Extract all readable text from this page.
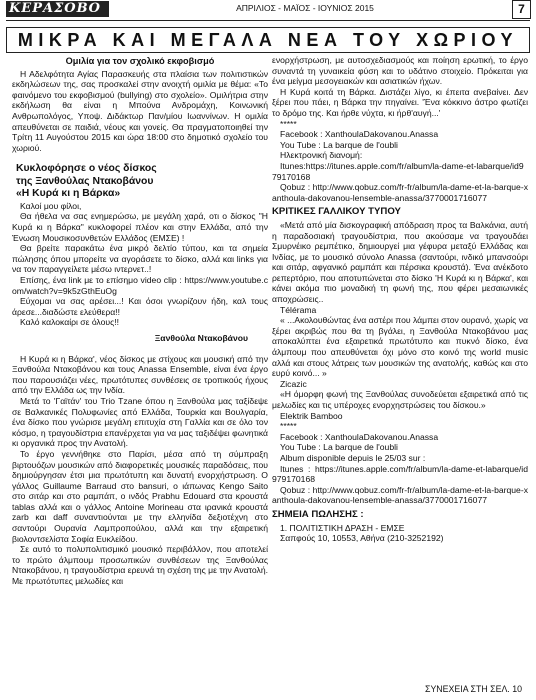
ΚΕΡΑΣΟΒΟ	ΑΠΡΙΛΙΟΣ - ΜΑΪΟΣ - ΙΟΥΝΙΟΣ 2015	7
ΜΙΚΡΑ ΚΑΙ ΜΕΓΑΛΑ ΝΕΑ ΤΟΥ ΧΩΡΙΟΥ

Ομιλία για τον σχολικό εκφοβισμό

Η Αδελφότητα Αγίας Παρασκευής στα πλαίσια των πολιτιστικών εκδηλώσεων της, σας προσκαλεί στην ανοιχτή ομιλία με θέμα: «Το φαινόμενο του εκφοβισμού (bullying) στο σχολείο». Ομιλήτρια στην εκδήλωση θα είναι η Μπούνα Ανδρομάχη, Κοινωνική Ανθρωπολόγος, Υποψ. Διδάκτωρ Παν/μίου Ιωαννίνων. Η ομιλία απευθύνεται σε παιδιά, νέους και γονείς. Θα πραγματοποιηθεί την Τρίτη 11 Αυγούστου 2015 και ώρα 18:00 στο δημοτικό σχολείο του χωριού.

Κυκλοφόρησε ο νέος δίσκος

της Ξανθούλας Ντακοβάνου

«Η Κυρά κι η Βάρκα»

Καλοί μου φίλοι,

Θα ήθελα να σας ενημερώσω, με μεγάλη χαρά, οτι ο δίσκος "Η Κυρά κι η Βάρκα" κυκλοφορεί πλέον και στην Ελλάδα, από την Ένωση Μουσικοσυνθετών Ελλάδος (ΕΜΣΕ) !

Θα βρείτε παρακάτω ένα μικρό δελτίο τύπου, και τα σημεία πώλησης όπου μπορείτε να αγοράσετε το δίσκο, αλλά και links για να τον παραγγείλετε μέσω ιντερνετ..!

Επίσης, ένα link με το επίσημο video clip : https://www.youtube.com/watch?v=9k5zGthEuOg

Εύχομαι να σας αρέσει...! Και όσοι γνωρίζουν ήδη, καλ τους άρεσε...διαδώστε ελεύθερα!!

Καλό καλοκαίρι σε όλους!!

Ξανθούλα Ντακοβάνου

Η Κυρά κι η Βάρκα', νέος δίσκος με στίχους και μουσική από την Ξανθούλα Ντακοβάνου και τους Anassa Ensemble, είναι ένα έργο που παρουσιάζει νέες, πρωτότυπες συνθέσεις σε τροπικούς ήχους από την Ελλάδα ως την Ινδία.

Μετά το 'Γαϊτάν' του Trio Tzane όπου η Ξανθούλα μας ταξίδεψε σε Βαλκανικές Πολυφωνίες από Ελλάδα, Τουρκία και Βουλγαρία, ένα δίσκο που γνώρισε μεγάλη επιτυχία στη Γαλλία και σε όλο τον κόσμο, η τραγουδίστρια επανέρχεται για να μας ταξιδέψει φωνητικά κι οργανικά προς την Ανατολή.

Το έργο γεννήθηκε στο Παρίσι, μέσα από τη σύμπραξη βιρτουόζων μουσικών από διαφορετικές μουσικές παραδόσεις, που δημιούργησαν έτσι μια πρωτότυπη και δυνατή ενορχήστρωση. Ο γάλλος Guillaume Barraud στο bansuri, ο ιάπωνας Kengo Saito στο σιτάρ και στο ραμπάπ, ο ινδός Prabhu Edouard στα κρουστά tablas αλλά και ο γάλλος Antoine Morineau στα ιρανικά κρουστά zarb και daff συναντιούνται με την ελληνίδα δεξιοτέχνη στο σαντούρι Ουρανία Λαμπροπούλου, αλλά και την εξαιρετική βιολοντσελίστα Σοφία Ευκλείδου.

Σε αυτό το πολυπολιτισμικό μουσικό περιβάλλον, που αποτελεί το πρώτο άλμπουμ προσωπικών συνθέσεων της Ξανθούλας Ντακοβάνου, η τραγουδίστρια ερευνά τη σχέση της με την Ανατολή. Με πρωτότυπες μελωδίες και

ενορχήστρωση, με αυτοσχεδιασμούς και ποίηση ερωτική, το έργο συναντά τη γυναικεία φύση και το υδάτινο στοιχείο. Πρόκειται για ένα μείγμα μεσογειακών και ασιατικών ήχων.

Η Κυρά κοιτά τη Βάρκα. Διστάζει λίγο, κι έπειτα ανεβαίνει. Δεν ξέρει που πάει, η Βάρκα την πηγαίνει. 'Ένα κόκκινο άστρο φωτίζει το δρόμο της. Και ήρθε νύχτα, κι ήρθ'αυγή...'

*****

Facebook : XanthoulaDakovanou.Anassa

You Tube : La barque de l'oubli

Ηλεκτρονική διανομή:

Itunes:https://itunes.apple.com/fr/album/la-dame-et-labarque/id979170168

Qobuz : http://www.qobuz.com/fr-fr/album/la-dame-et-la-barque-xanthoula-dakovanou-lensemble-anassa/3770001716077

ΚΡΙΤΙΚΕΣ ΓΑΛΛΙΚΟΥ ΤΥΠΟΥ

«Μετά από μία δισκογραφική απόδραση προς τα Βαλκάνια, αυτή η παραδοσιακή τραγουδίστρια, που ακούσαμε να τραγουδάει Σμυρνέικο ρεμπέτικο, δημιουργεί μια γέφυρα μεταξύ Ελλάδας και Ινδίας, με το μουσικό σύνολο Anassa (σαντούρι, ινδικό μπανσούρι και σιτάρ, αφγανικό ραμπάπ και πέρσικα κρουστά). Ένα ανέκδοτο ρεπερτόριο, που αποτυπώνεται στο δίσκο 'Η Κυρά κι η Βάρκα', και κάνει ακόμα πιο μοναδική τη φωνή της, που φέρει μεσαιωνικές αποχρώσεις..

Télérama

« ...Ακολουθώντας ένα αστέρι που λάμπει στον ουρανό, χωρίς να ξέρει ακριβώς που θα τη βγάλει, η Ξανθούλα Ντακοβάνου μας αποκαλύπτει ένα εξαιρετικά πρωτότυπο και πυκνό δίσκο, ένα άλμπουμ που απευθύνεται όχι μόνο στο κοινό της world music αλλά και στους λάτρεις των μουσικών της ανατολής, καθώς και στο ευρύ κοινό... »

Zicazic

«Η όμορφη φωνή της Ξανθούλας συνοδεύεται εξαιρετικά από τις μελωδίες και τις υπέροχες ενορχηστρώσεις του δίσκου.»

Elektrik Bamboo

*****

Facebook : XanthoulaDakovanou.Anassa

You Tube : La barque de l'oubli

Album disponible depuis le 25/03 sur :

Itunes : https://itunes.apple.com/fr/album/la-dame-et-labarque/id979170168

Qobuz : http://www.qobuz.com/fr-fr/album/la-dame-et-la-barque-xanthoula-dakovanou-lensemble-anassa/3770001716077

ΣΗΜΕΙΑ ΠΩΛΗΣΗΣ :

1. ΠΟΛΙΤΙΣΤΙΚΗ ΔΡΑΣΗ - ΕΜΣΕ

Σαπφούς 10, 10553, Αθήνα (210-3252192)

ΣΥΝΕΧΕΙΑ ΣΤΗ ΣΕΛ. 10
